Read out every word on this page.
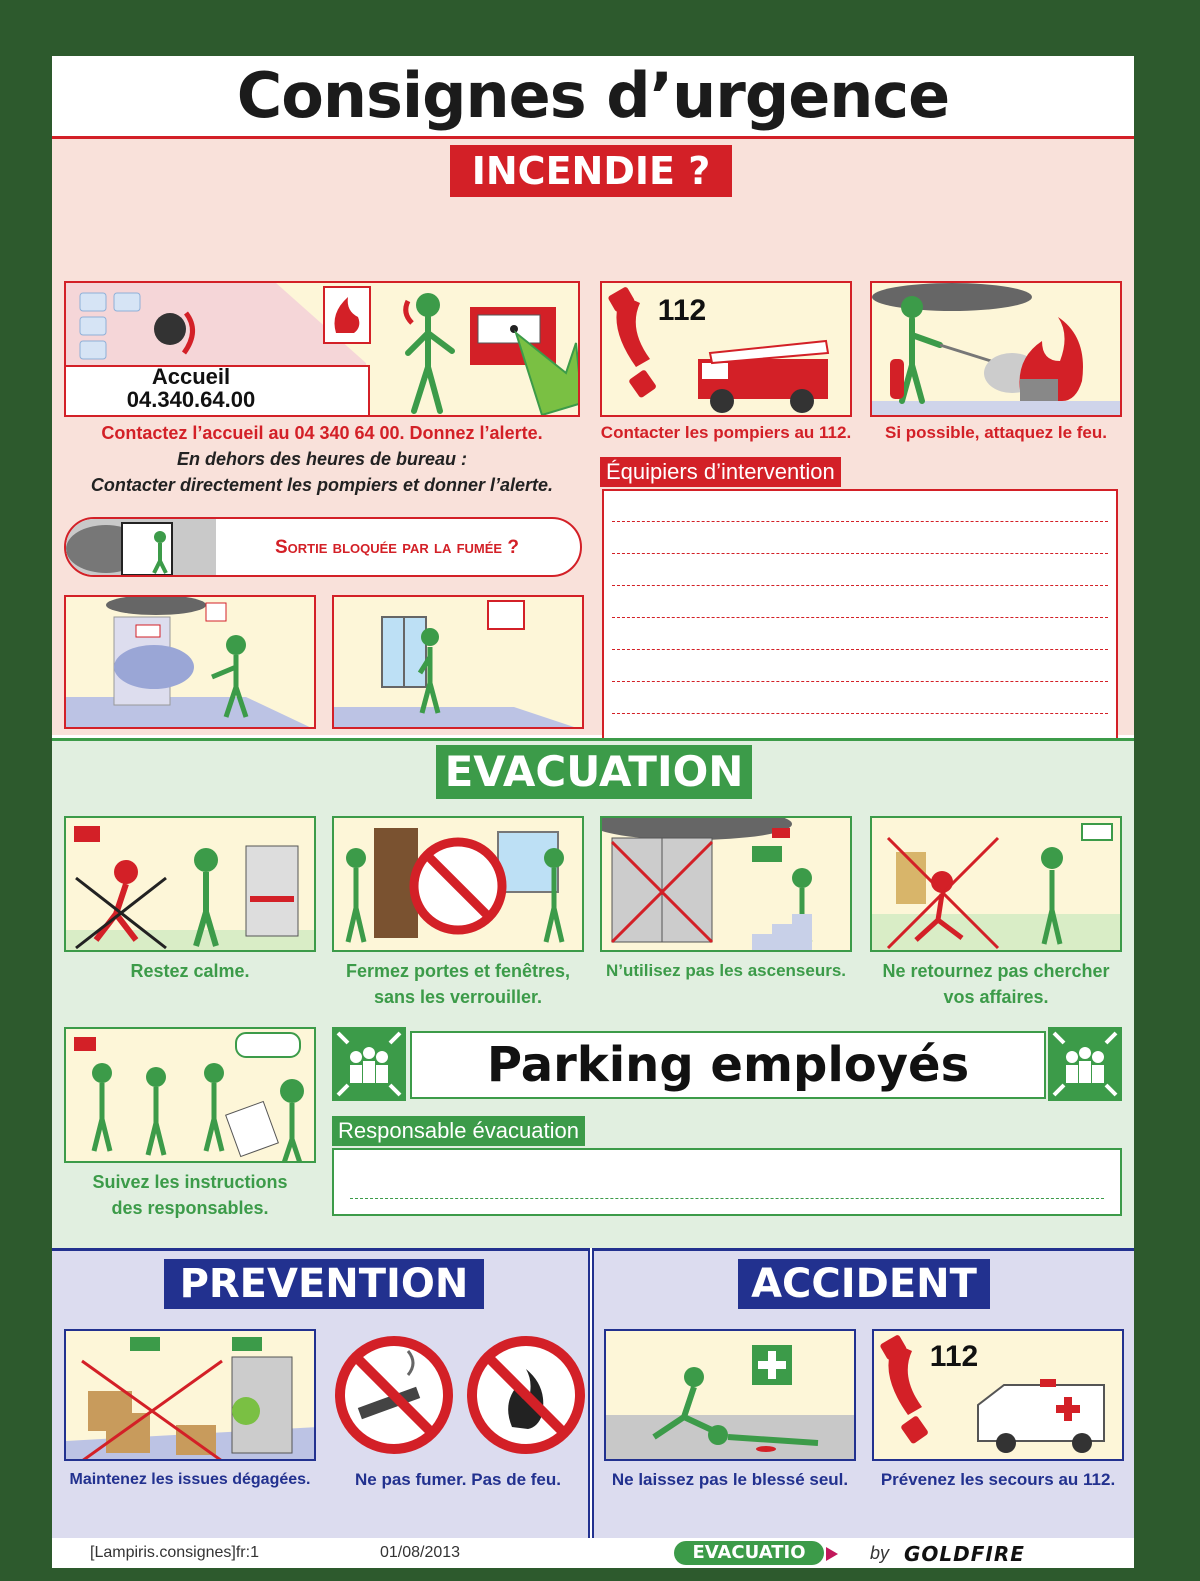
Consignes d’urgence
INCENDIE ?
Accueil
04.340.64.00
Contactez l’accueil au 04 340 64 00. Donnez l’alerte.
En dehors des heures de bureau :
Contacter directement les pompiers et donner l’alerte.
112
Contacter les pompiers au 112.	Si possible, attaquez le feu.
Équipiers d’intervention
Sortie bloquée par la fumée ?
EVACUATION
Restez calme.	Fermez portes et fenêtres,
sans les verrouiller.
N’utilisez pas les ascenseurs.	Ne retournez pas chercher
vos affaires.
Suivez les instructions
des responsables.
Parking employés
Responsable évacuation
PREVENTION
Maintenez les issues dégagées.	Ne pas fumer. Pas de feu.
ACCIDENT
Ne laissez pas le blessé seul.
112
Prévenez les secours au 112.
[Lampiris.consignes]fr:1	01/08/2013	EVACUATIO	by GOLDFIRE
